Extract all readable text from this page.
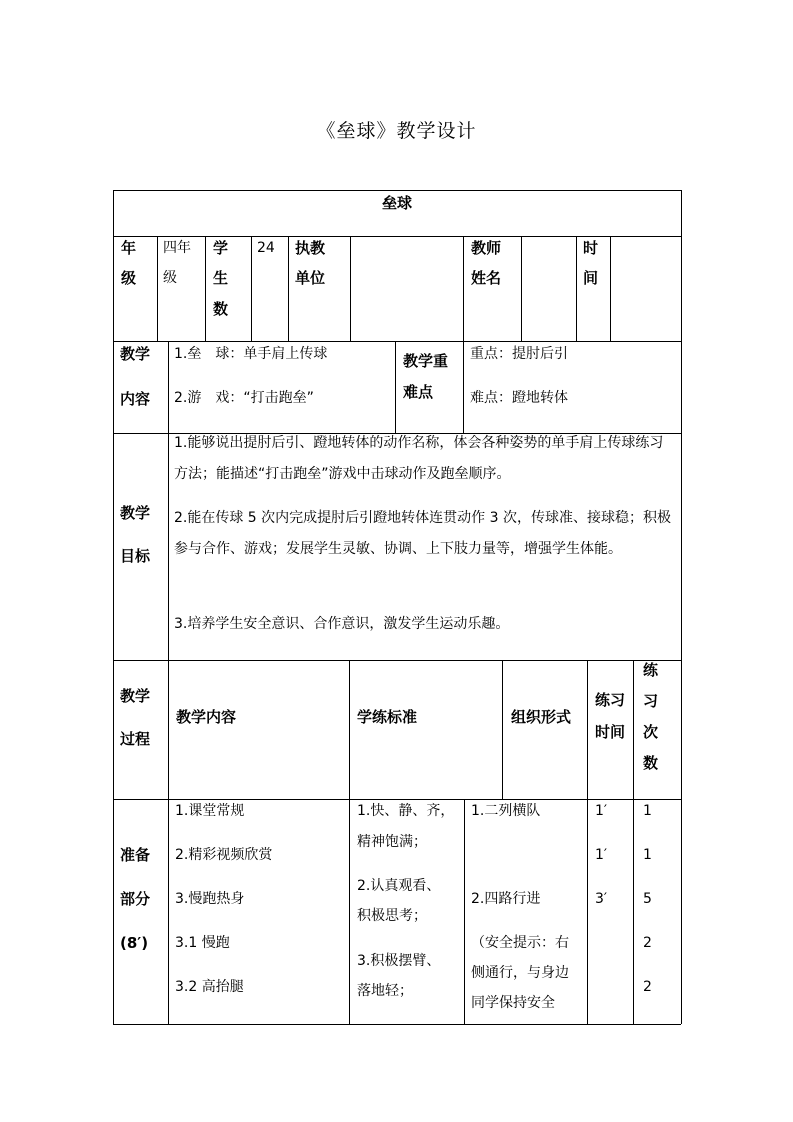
《垒球》教学设计
垒球
年
级
四年
级
学
生
数
24 执教
单位
教师
姓名
时
间
教学
内容
1.垒　球：单手肩上传球
2.游　戏：“打击跑垒”
教学重
难点
重点：提肘后引
难点：蹬地转体
教学
目标
1.能够说出提肘后引、蹬地转体的动作名称，体会各种姿势的单手肩上传球练习方法；能描述“打击跑垒”游戏中击球动作及跑垒顺序。
2.能在传球 5 次内完成提肘后引蹬地转体连贯动作 3 次，传球准、接球稳；积极参与合作、游戏；发展学生灵敏、协调、上下肢力量等，增强学生体能。
3.培养学生安全意识、合作意识，激发学生运动乐趣。
教学
过程
教学内容	学练标准	组织形式
练习
时间
练
习
次
数
准备
部分
(8′)
1.课堂常规
2.精彩视频欣赏
3.慢跑热身
3.1 慢跑
3.2 高抬腿
1.快、静、齐，
精神饱满；
2.认真观看、
积极思考；
3.积极摆臂、
落地轻；
1.二列横队
2.四路行进
（安全提示：右
侧通行，与身边
同学保持安全
1′
1′
3′
1
1
5
2
2
